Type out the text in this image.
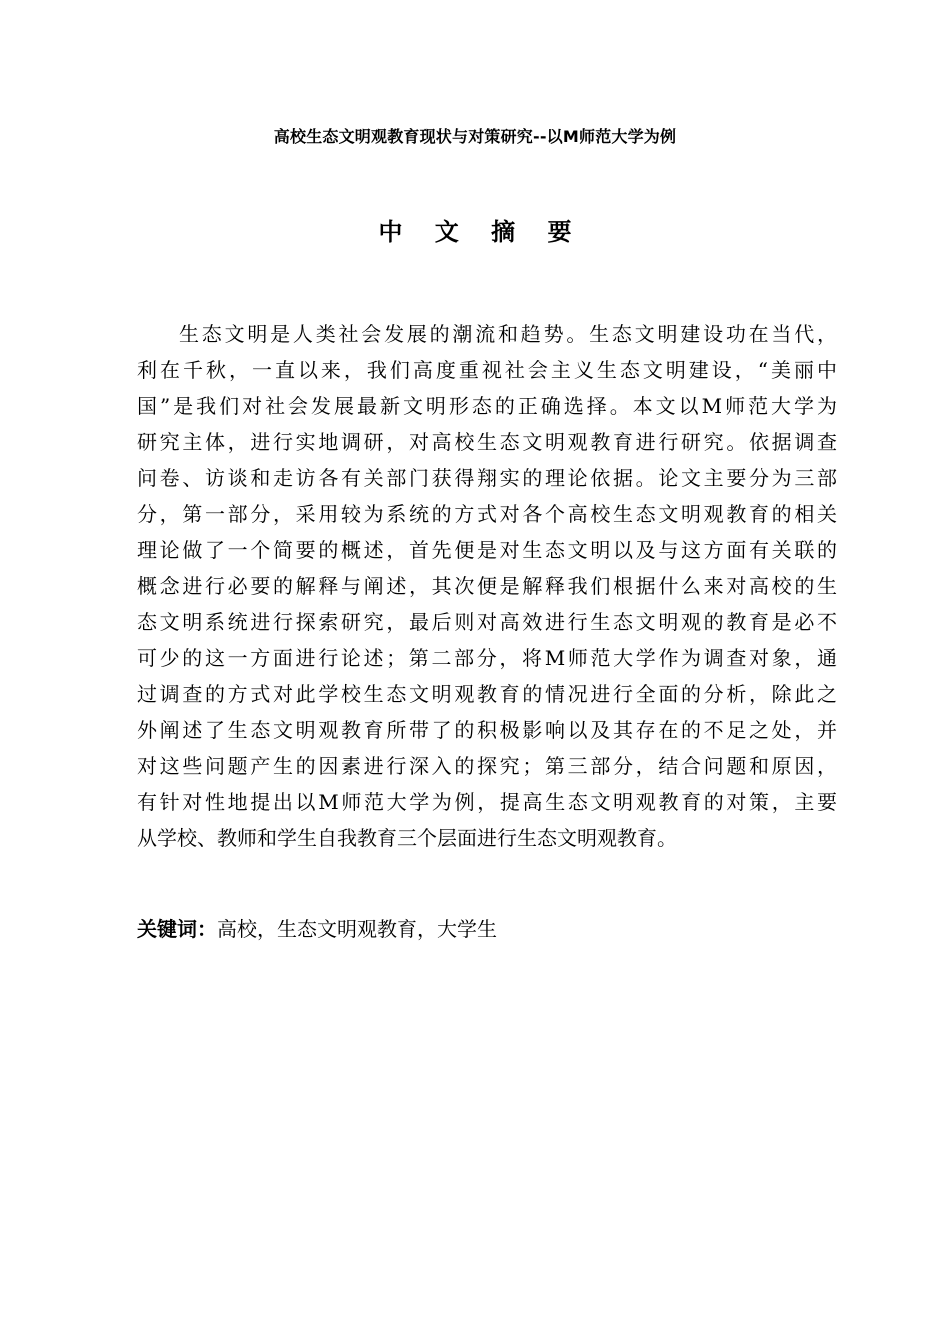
高校生态文明观教育现状与对策研究--以M师范大学为例
中 文 摘 要
生态文明是人类社会发展的潮流和趋势。生态文明建设功在当代，
利在千秋，一直以来，我们高度重视社会主义生态文明建设，“美丽中
国”是我们对社会发展最新文明形态的正确选择。本文以M师范大学为
研究主体，进行实地调研，对高校生态文明观教育进行研究。依据调查
问卷、访谈和走访各有关部门获得翔实的理论依据。论文主要分为三部
分，第一部分，采用较为系统的方式对各个高校生态文明观教育的相关
理论做了一个简要的概述，首先便是对生态文明以及与这方面有关联的
概念进行必要的解释与阐述，其次便是解释我们根据什么来对高校的生
态文明系统进行探索研究，最后则对高效进行生态文明观的教育是必不
可少的这一方面进行论述；第二部分，将M师范大学作为调查对象，通
过调查的方式对此学校生态文明观教育的情况进行全面的分析，除此之
外阐述了生态文明观教育所带了的积极影响以及其存在的不足之处，并
对这些问题产生的因素进行深入的探究；第三部分，结合问题和原因，
有针对性地提出以M师范大学为例，提高生态文明观教育的对策，主要
从学校、教师和学生自我教育三个层面进行生态文明观教育。
关键词：高校，生态文明观教育，大学生
